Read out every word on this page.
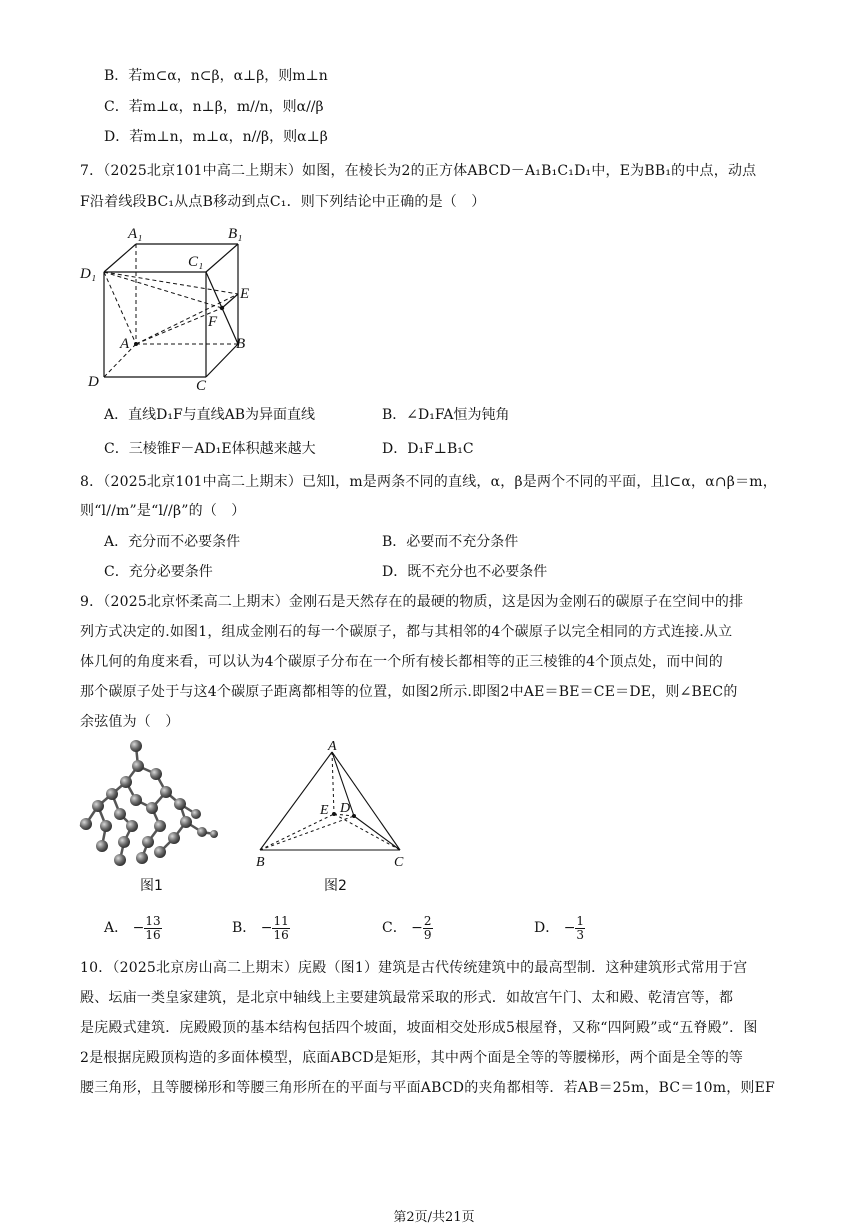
B．若m⊂α，n⊂β，α⊥β，则m⊥n
C．若m⊥α，n⊥β，m//n，则α//β
D．若m⊥n，m⊥α，n//β，则α⊥β
7．（2025北京101中高二上期末）如图，在棱长为2的正方体ABCD－A₁B₁C₁D₁中，E为BB₁的中点，动点
F沿着线段BC₁从点B移动到点C₁．则下列结论中正确的是（　）
A₁	B₁
C₁
D₁
E
F
A	B
D	C
A．直线D₁F与直线AB为异面直线	B．∠D₁FA恒为钝角
C．三棱锥F－AD₁E体积越来越大	D．D₁F⊥B₁C
8．（2025北京101中高二上期末）已知l，m是两条不同的直线，α，β是两个不同的平面，且l⊂α，α∩β＝m，
则“l//m”是“l//β”的（　）
A．充分而不必要条件	B．必要而不充分条件
C．充分必要条件	D．既不充分也不必要条件
9．（2025北京怀柔高二上期末）金刚石是天然存在的最硬的物质，这是因为金刚石的碳原子在空间中的排
列方式决定的.如图1，组成金刚石的每一个碳原子，都与其相邻的4个碳原子以完全相同的方式连接.从立
体几何的角度来看，可以认为4个碳原子分布在一个所有棱长都相等的正三棱锥的4个顶点处，而中间的
那个碳原子处于与这4个碳原子距离都相等的位置，如图2所示.即图2中AE＝BE＝CE＝DE，则∠BEC的
余弦值为（　）
A
E D
B	C
图1	图2
A． − $\frac{13}{16}$	B． − $\frac{11}{16}$	C． − $\frac{2}{9}$	D． − $\frac{1}{3}$
10．（2025北京房山高二上期末）庑殿（图1）建筑是古代传统建筑中的最高型制．这种建筑形式常用于宫
殿、坛庙一类皇家建筑，是北京中轴线上主要建筑最常采取的形式．如故宫午门、太和殿、乾清宫等，都
是庑殿式建筑．庑殿殿顶的基本结构包括四个坡面，坡面相交处形成5根屋脊，又称“四阿殿”或“五脊殿”．图
2是根据庑殿顶构造的多面体模型，底面ABCD是矩形，其中两个面是全等的等腰梯形，两个面是全等的等
腰三角形，且等腰梯形和等腰三角形所在的平面与平面ABCD的夹角都相等．若AB＝25m，BC＝10m，则EF
第2页/共21页
